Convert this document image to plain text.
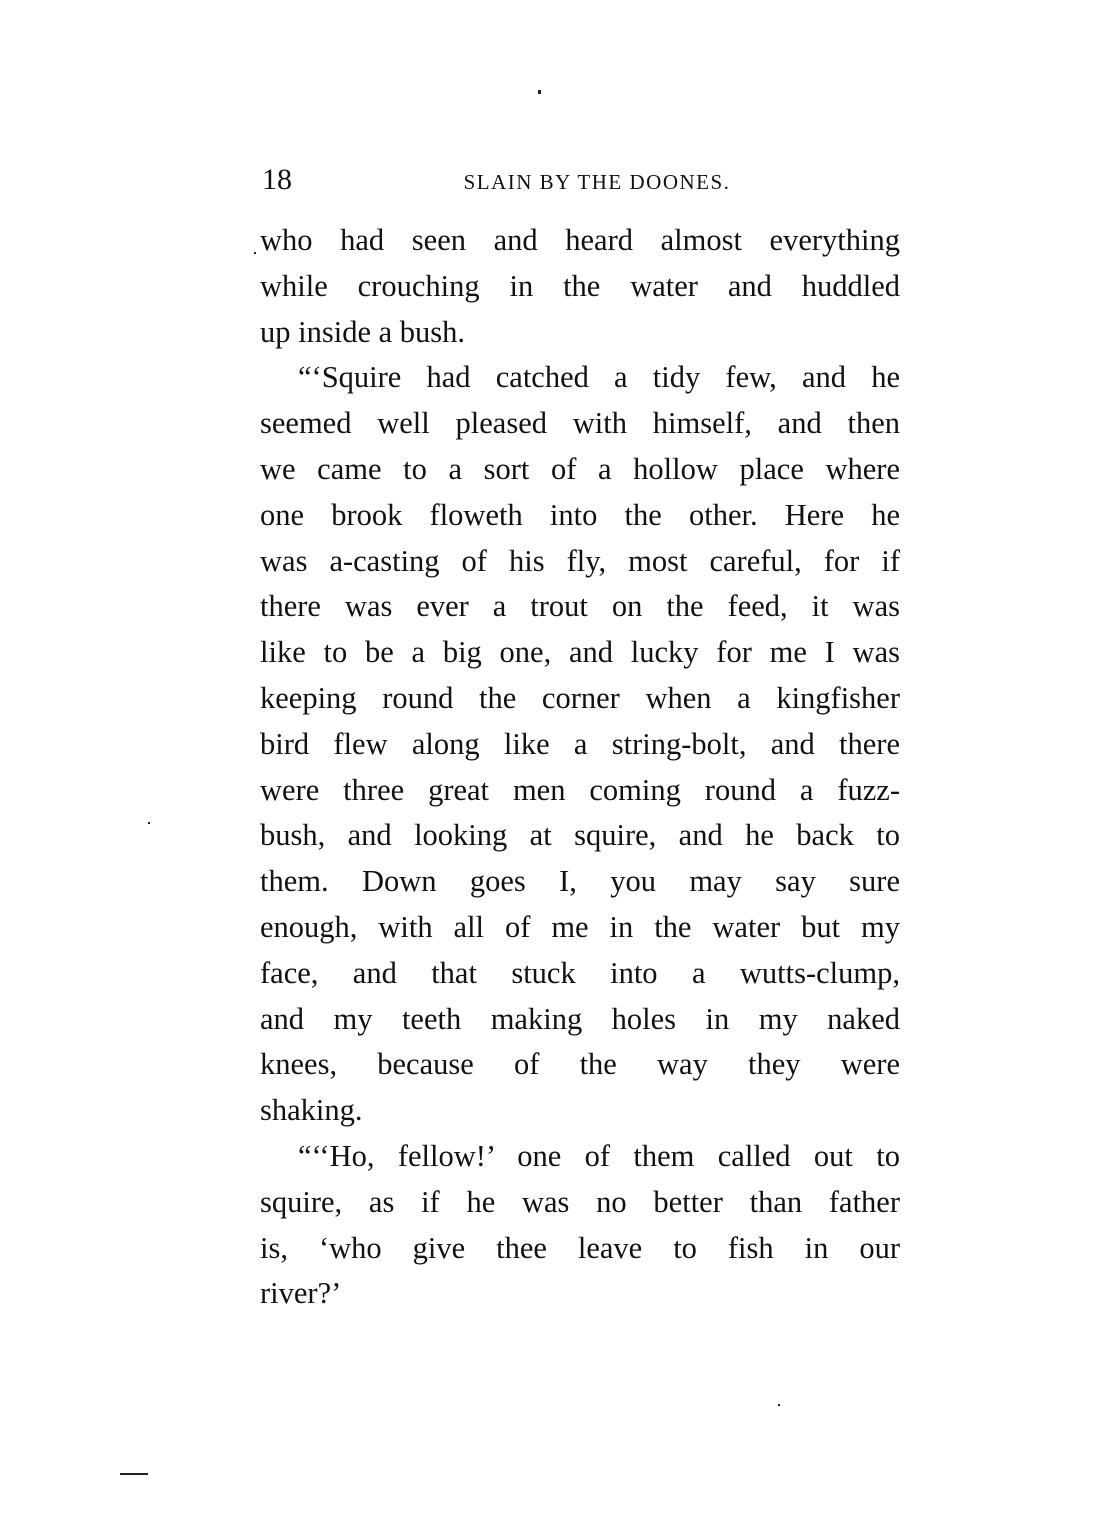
18	SLAIN BY THE DOONES.
who had seen and heard almost everything
while crouching in the water and huddled
up inside a bush.
“‘Squire had catched a tidy few, and he
seemed well pleased with himself, and then
we came to a sort of a hollow place where
one brook floweth into the other. Here he
was a-casting of his fly, most careful, for if
there was ever a trout on the feed, it was
like to be a big one, and lucky for me I was
keeping round the corner when a kingfisher
bird flew along like a string-bolt, and there
were three great men coming round a fuzz-
bush, and looking at squire, and he back to
them. Down goes I, you may say sure
enough, with all of me in the water but my
face, and that stuck into a wutts-clump,
and my teeth making holes in my naked
knees, because of the way they were
shaking.
“‘‘Ho, fellow!’ one of them called out to
squire, as if he was no better than father
is, ‘who give thee leave to fish in our
river?’
